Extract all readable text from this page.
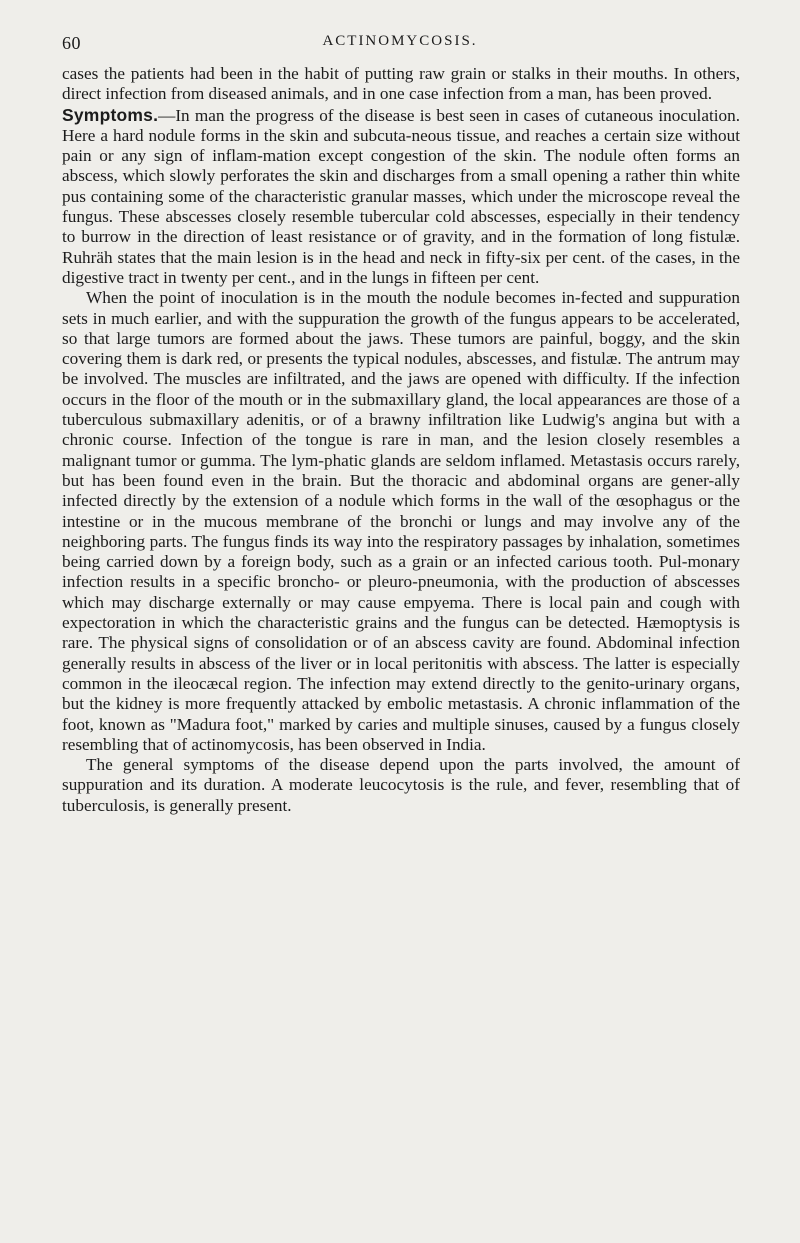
60	ACTINOMYCOSIS.

cases the patients had been in the habit of putting raw grain or stalks in their mouths. In others, direct infection from diseased animals, and in one case infection from a man, has been proved.

Symptoms.—In man the progress of the disease is best seen in cases of cutaneous inoculation. Here a hard nodule forms in the skin and subcuta-neous tissue, and reaches a certain size without pain or any sign of inflam-mation except congestion of the skin. The nodule often forms an abscess, which slowly perforates the skin and discharges from a small opening a rather thin white pus containing some of the characteristic granular masses, which under the microscope reveal the fungus. These abscesses closely resemble tubercular cold abscesses, especially in their tendency to burrow in the direction of least resistance or of gravity, and in the formation of long fistulæ. Ruhräh states that the main lesion is in the head and neck in fifty-six per cent. of the cases, in the digestive tract in twenty per cent., and in the lungs in fifteen per cent.

When the point of inoculation is in the mouth the nodule becomes in-fected and suppuration sets in much earlier, and with the suppuration the growth of the fungus appears to be accelerated, so that large tumors are formed about the jaws. These tumors are painful, boggy, and the skin covering them is dark red, or presents the typical nodules, abscesses, and fistulæ. The antrum may be involved. The muscles are infiltrated, and the jaws are opened with difficulty. If the infection occurs in the floor of the mouth or in the submaxillary gland, the local appearances are those of a tuberculous submaxillary adenitis, or of a brawny infiltration like Ludwig's angina but with a chronic course. Infection of the tongue is rare in man, and the lesion closely resembles a malignant tumor or gumma. The lym-phatic glands are seldom inflamed. Metastasis occurs rarely, but has been found even in the brain. But the thoracic and abdominal organs are gener-ally infected directly by the extension of a nodule which forms in the wall of the œsophagus or the intestine or in the mucous membrane of the bronchi or lungs and may involve any of the neighboring parts. The fungus finds its way into the respiratory passages by inhalation, sometimes being carried down by a foreign body, such as a grain or an infected carious tooth. Pul-monary infection results in a specific broncho- or pleuro-pneumonia, with the production of abscesses which may discharge externally or may cause empyema. There is local pain and cough with expectoration in which the characteristic grains and the fungus can be detected. Hæmoptysis is rare. The physical signs of consolidation or of an abscess cavity are found. Abdominal infection generally results in abscess of the liver or in local peritonitis with abscess. The latter is especially common in the ileocæcal region. The infection may extend directly to the genito-urinary organs, but the kidney is more frequently attacked by embolic metastasis. A chronic inflammation of the foot, known as "Madura foot," marked by caries and multiple sinuses, caused by a fungus closely resembling that of actinomycosis, has been observed in India.

The general symptoms of the disease depend upon the parts involved, the amount of suppuration and its duration. A moderate leucocytosis is the rule, and fever, resembling that of tuberculosis, is generally present.
